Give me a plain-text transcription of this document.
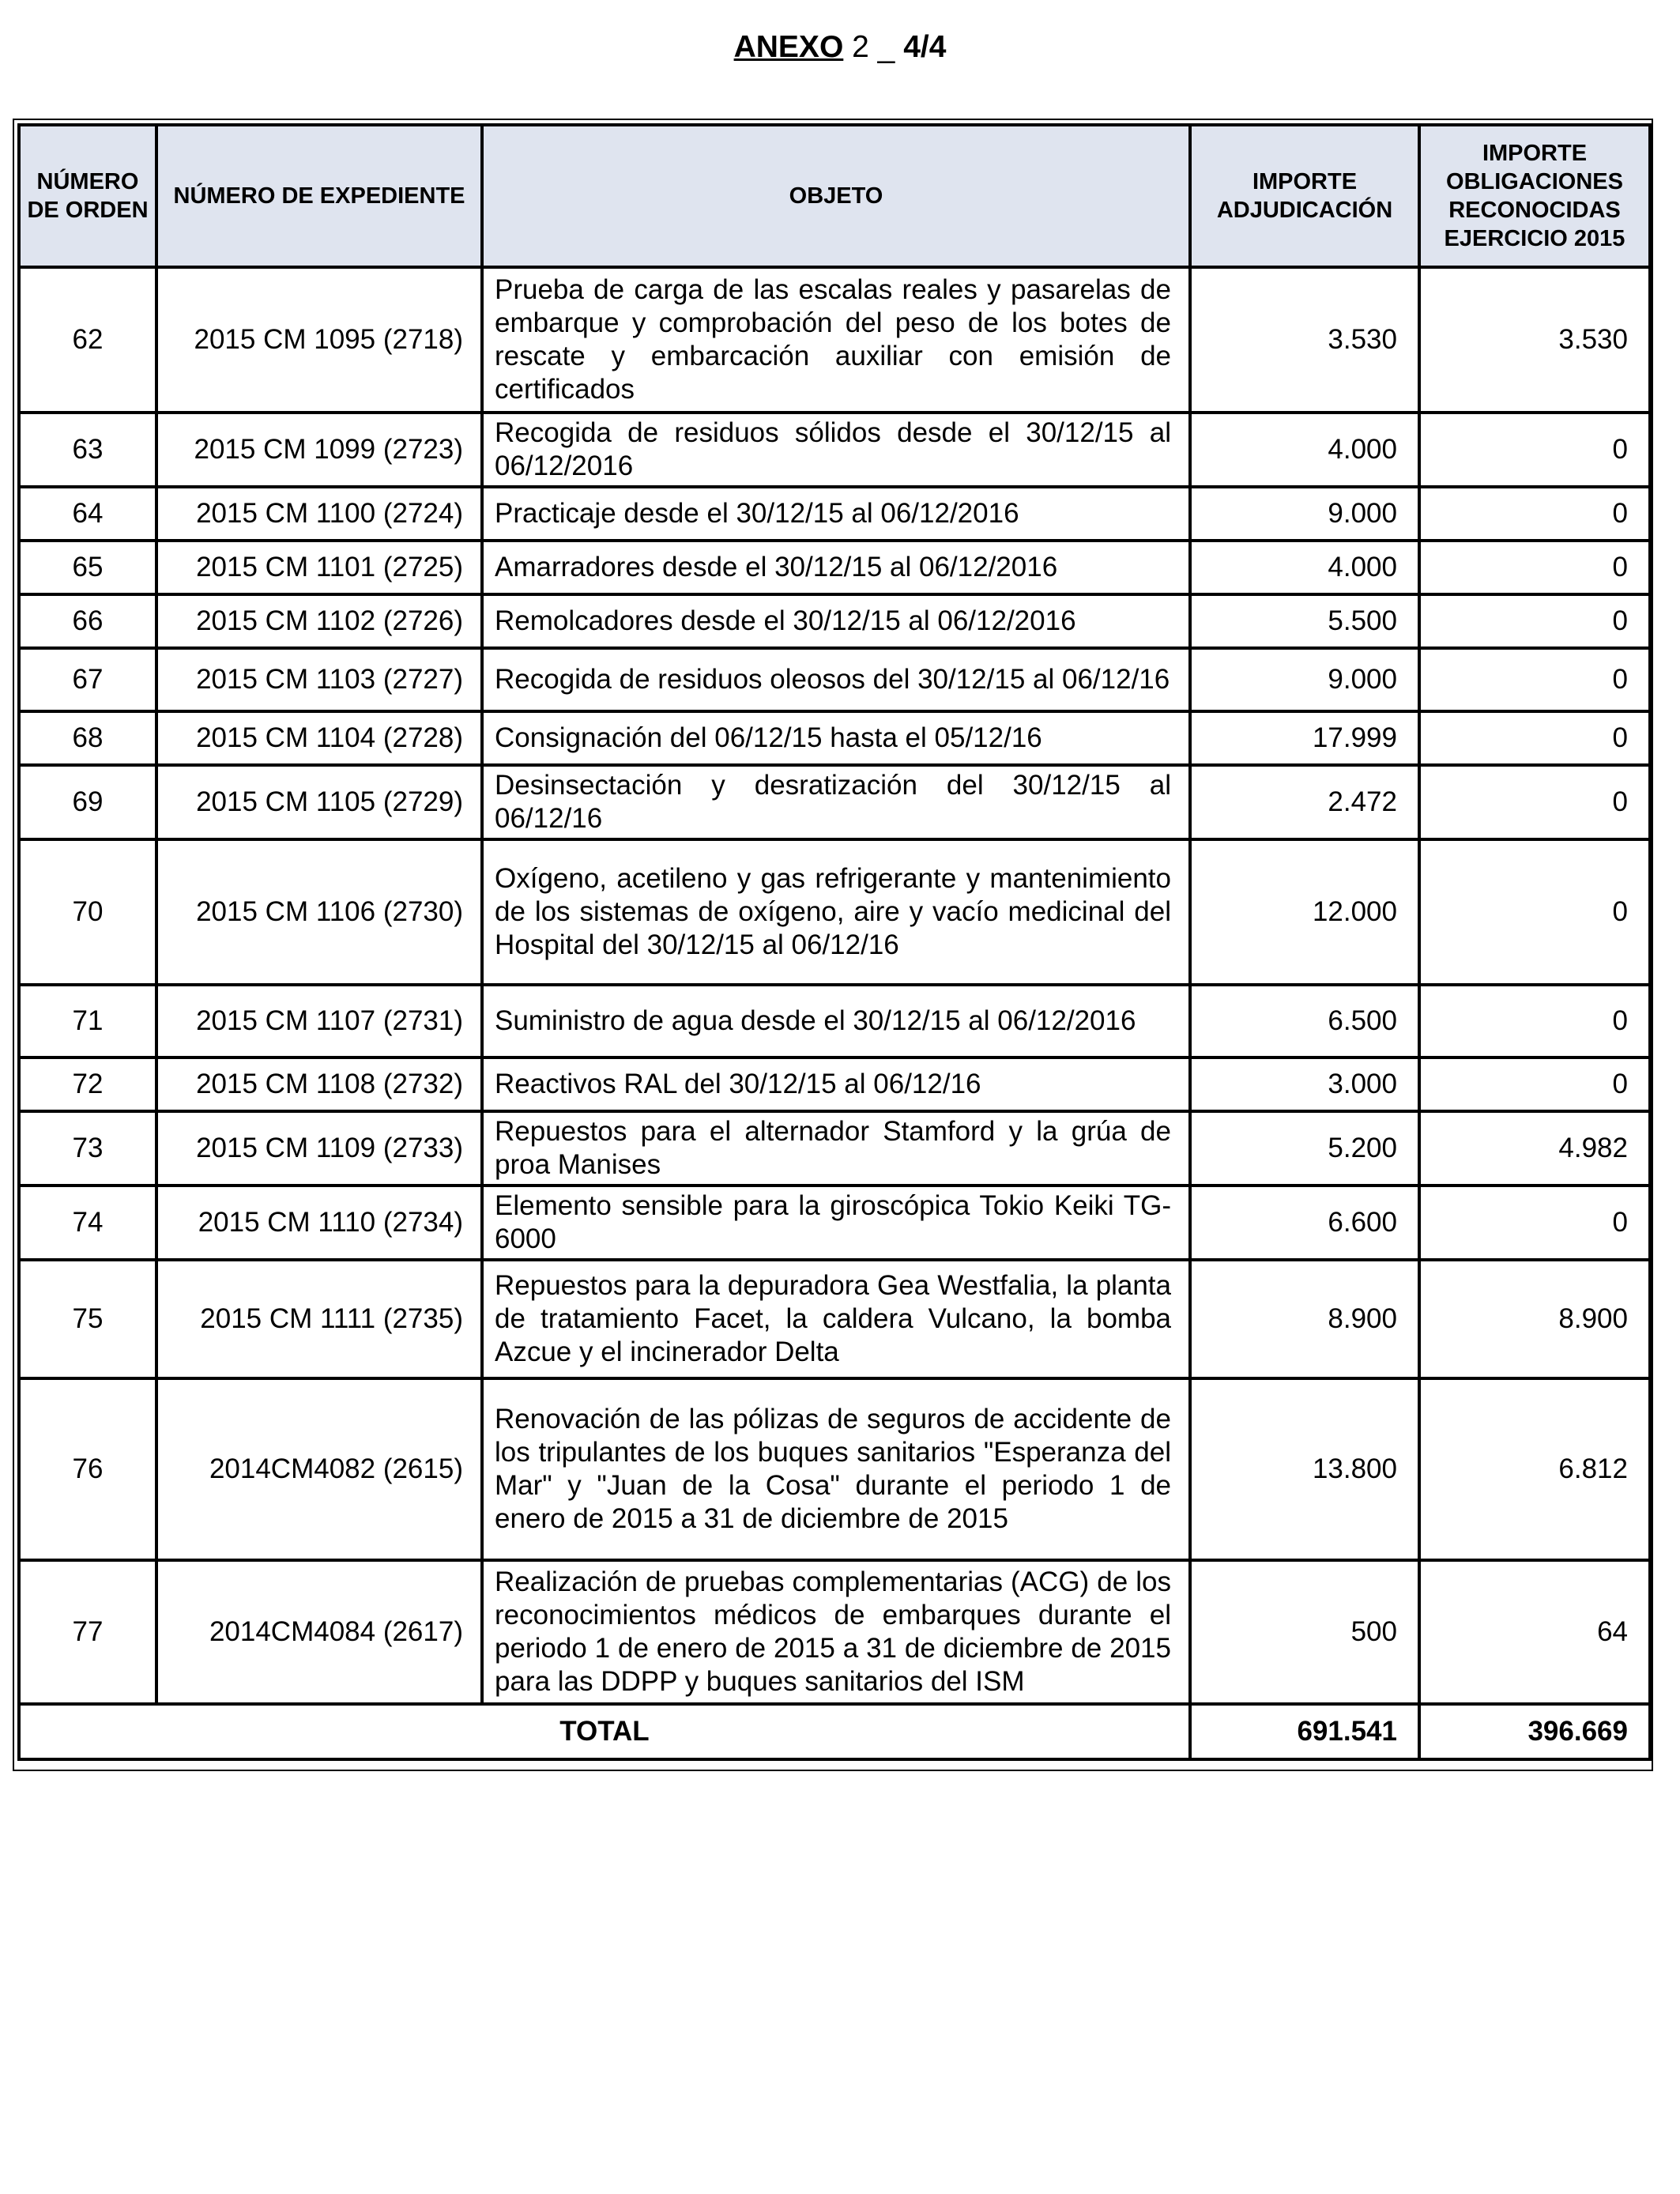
ANEXO 2 _ 4/4
NÚMERO DE ORDEN	NÚMERO DE EXPEDIENTE	OBJETO	IMPORTE ADJUDICACIÓN	IMPORTE OBLIGACIONES RECONOCIDAS EJERCICIO 2015
62	2015 CM 1095 (2718)	Prueba de carga de las escalas reales y pasarelas de embarque y comprobación del peso de los botes de rescate y embarcación auxiliar con emisión de certificados	3.530	3.530
63	2015 CM 1099 (2723)	Recogida de residuos sólidos desde el 30/12/15 al 06/12/2016	4.000	0
64	2015 CM 1100 (2724)	Practicaje desde el 30/12/15 al 06/12/2016	9.000	0
65	2015 CM 1101 (2725)	Amarradores desde el 30/12/15 al 06/12/2016	4.000	0
66	2015 CM 1102 (2726)	Remolcadores desde el 30/12/15 al 06/12/2016	5.500	0
67	2015 CM 1103 (2727)	Recogida de residuos oleosos del 30/12/15 al 06/12/16	9.000	0
68	2015 CM 1104 (2728)	Consignación del 06/12/15 hasta el 05/12/16	17.999	0
69	2015 CM 1105 (2729)	Desinsectación y desratización del 30/12/15 al 06/12/16	2.472	0
70	2015 CM 1106 (2730)	Oxígeno, acetileno y gas refrigerante y mantenimiento de los sistemas de oxígeno, aire y vacío medicinal del Hospital del 30/12/15 al 06/12/16	12.000	0
71	2015 CM 1107 (2731)	Suministro de agua desde el 30/12/15 al 06/12/2016	6.500	0
72	2015 CM 1108 (2732)	Reactivos RAL del 30/12/15 al 06/12/16	3.000	0
73	2015 CM 1109 (2733)	Repuestos para el alternador Stamford y la grúa de proa Manises	5.200	4.982
74	2015 CM 1110 (2734)	Elemento sensible para la giroscópica Tokio Keiki TG-6000	6.600	0
75	2015 CM 1111 (2735)	Repuestos para la depuradora Gea Westfalia, la planta de tratamiento Facet, la caldera Vulcano, la bomba Azcue y el incinerador Delta	8.900	8.900
76	2014CM4082 (2615)	Renovación de las pólizas de seguros de accidente de los tripulantes de los buques sanitarios "Esperanza del Mar" y "Juan de la Cosa" durante el periodo 1 de enero de 2015 a 31 de diciembre de 2015	13.800	6.812
77	2014CM4084 (2617)	Realización de pruebas complementarias (ACG) de los reconocimientos médicos de embarques durante el periodo 1 de enero de 2015 a 31 de diciembre de 2015 para las DDPP y buques sanitarios del ISM	500	64
TOTAL			691.541	396.669
